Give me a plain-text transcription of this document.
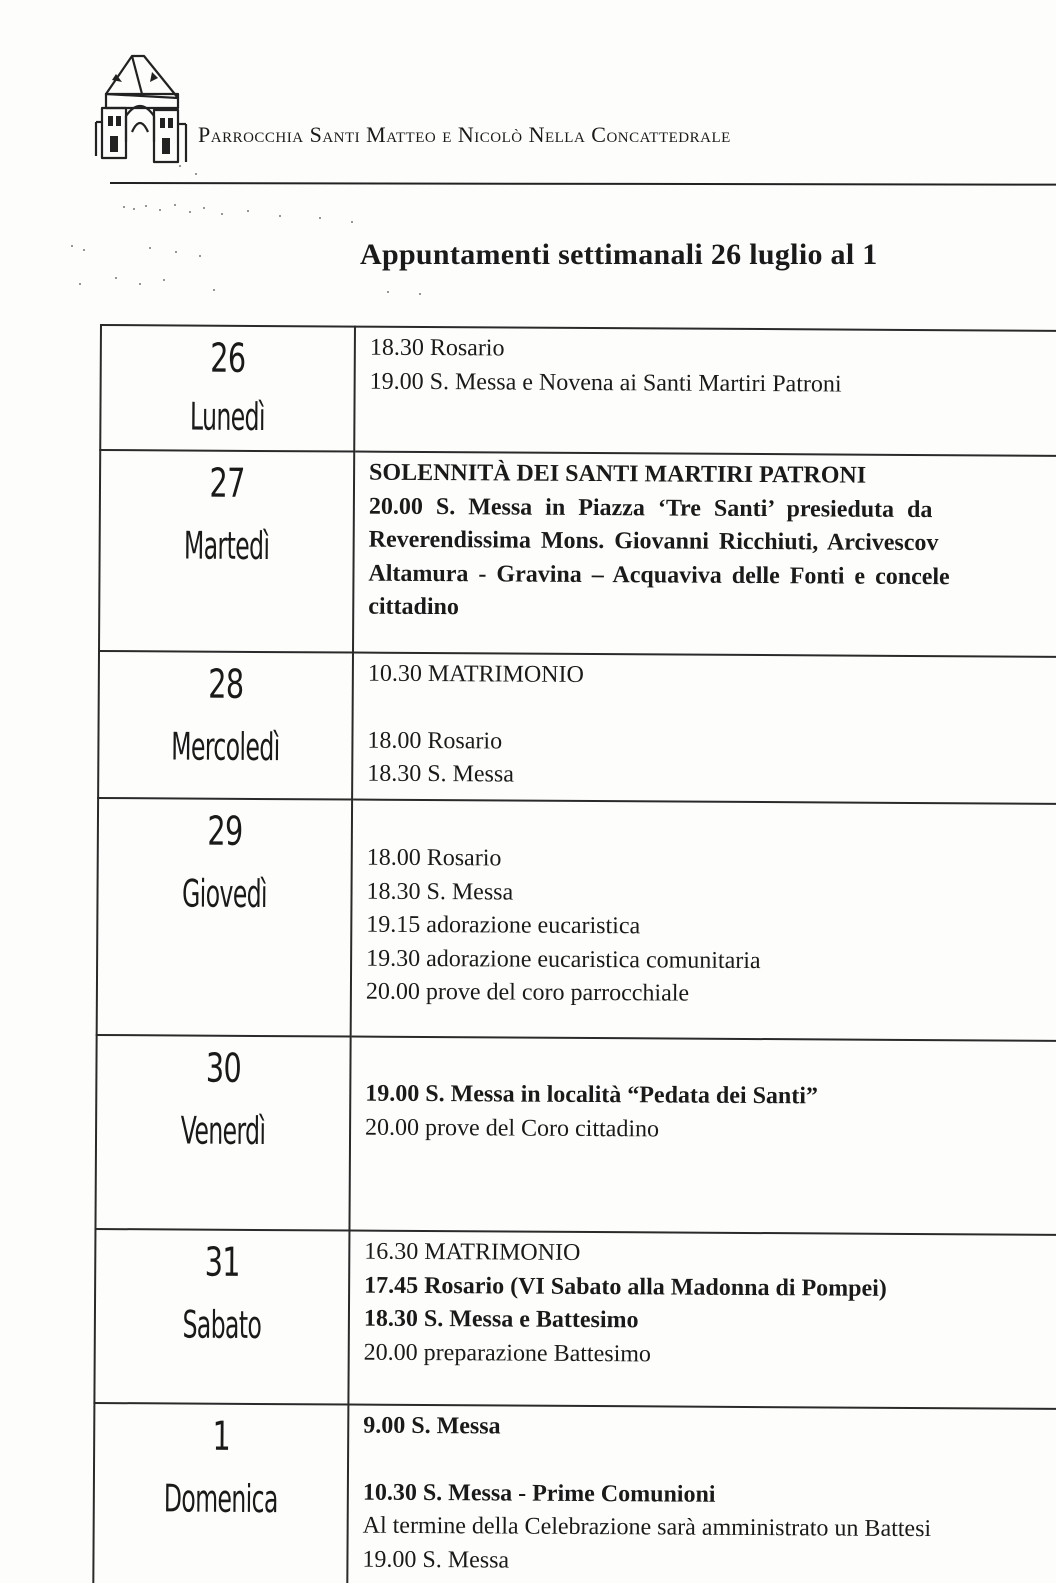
Parrocchia Santi Matteo e Nicolò Nella Concattedrale
Appuntamenti settimanali 26 luglio al 1
26
Lunedì	18.30 Rosario
19.00 S. Messa e Novena ai Santi Martiri Patroni

27
Martedì	SOLENNITÀ DEI SANTI MARTIRI PATRONI
20.00 S. Messa in Piazza ‘Tre Santi’ presieduta da
Reverendissima Mons. Giovanni Ricchiuti, Arcivescov
Altamura - Gravina – Acquaviva delle Fonti e concele
cittadino

28
Mercoledì	10.30 MATRIMONIO
18.00 Rosario
18.30 S. Messa

29
Giovedì	18.00 Rosario
18.30 S. Messa
19.15 adorazione eucaristica
19.30 adorazione eucaristica comunitaria
20.00 prove del coro parrocchiale

30
Venerdì	19.00 S. Messa in località “Pedata dei Santi”
20.00 prove del Coro cittadino

31
Sabato	16.30 MATRIMONIO
17.45 Rosario (VI Sabato alla Madonna di Pompei)
18.30 S. Messa e Battesimo
20.00 preparazione Battesimo

1
Domenica	9.00 S. Messa
10.30 S. Messa - Prime Comunioni
Al termine della Celebrazione sarà amministrato un Battesi
19.00 S. Messa
